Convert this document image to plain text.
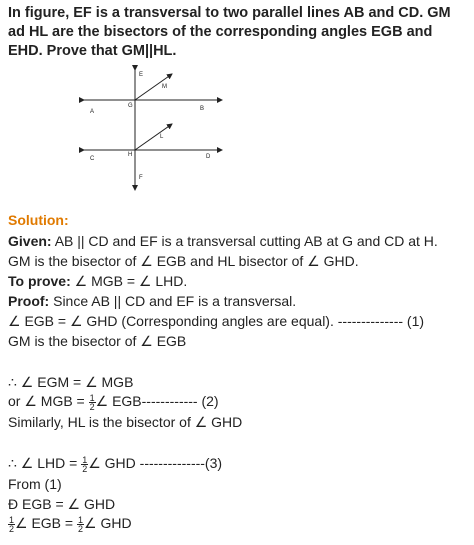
In figure, EF is a transversal to two parallel lines AB and CD. GM ad HL are the bisectors of the corresponding angles EGB and EHD. Prove that GM||HL.
E
M
A
G	B
L
C
H	D
F
Solution:
Given: AB || CD and EF is a transversal cutting AB at G and CD at H.
GM is the bisector of ∠ EGB and HL bisector of ∠ GHD.
To prove: ∠ MGB = ∠ LHD.
Proof: Since AB || CD and EF is a transversal.
∠ EGB = ∠ GHD (Corresponding angles are equal). -------------- (1)
GM is the bisector of ∠ EGB
∴ ∠ EGM = ∠ MGB
or ∠ MGB = $\frac{1}{2}$ ∠ EGB------------ (2)
Similarly, HL is the bisector of ∠ GHD
∴ ∠ LHD = $\frac{1}{2}$ ∠ GHD --------------(3)
From (1)
Đ EGB = ∠ GHD
$\frac{1}{2}$ ∠ EGB = $\frac{1}{2}$ ∠ GHD
